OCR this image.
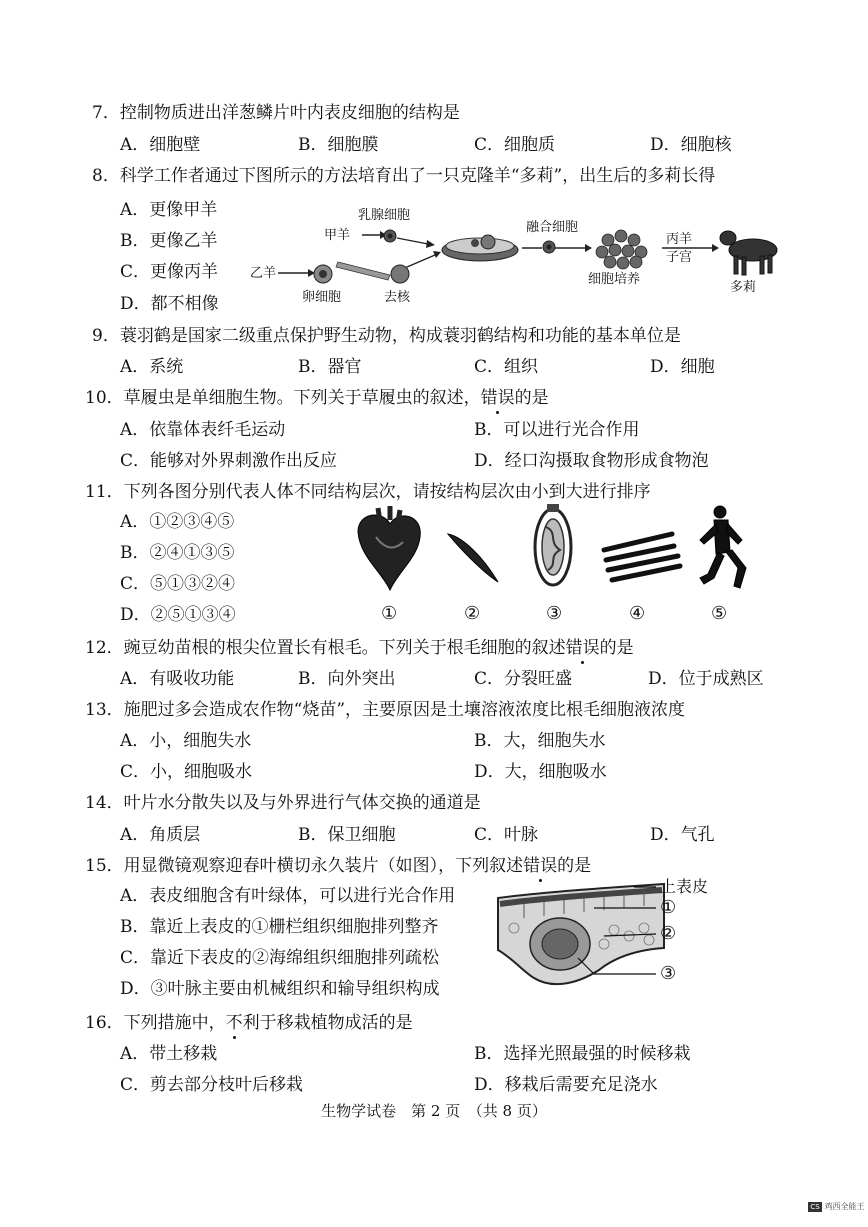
7．控制物质进出洋葱鳞片叶内表皮细胞的结构是
A．细胞壁	B．细胞膜	C．细胞质	D．细胞核
8．科学工作者通过下图所示的方法培育出了一只克隆羊“多莉”，出生后的多莉长得
A．更像甲羊
B．更像乙羊
C．更像丙羊
D．都不相像
乳腺细胞
甲羊
乙羊
卵细胞	去核
融合细胞
细胞培养
丙羊
子宫
多莉
9．蓑羽鹤是国家二级重点保护野生动物，构成蓑羽鹤结构和功能的基本单位是
A．系统	B．器官	C．组织	D．细胞
10．草履虫是单细胞生物。下列关于草履虫的叙述，错误的是
A．依靠体表纤毛运动	B．可以进行光合作用
C．能够对外界刺激作出反应	D．经口沟摄取食物形成食物泡
11．下列各图分别代表人体不同结构层次，请按结构层次由小到大进行排序
A．①②③④⑤
B．②④①③⑤
C．⑤①③②④
D．②⑤①③④	①	②	③	④	⑤
12．豌豆幼苗根的根尖位置长有根毛。下列关于根毛细胞的叙述错误的是
A．有吸收功能	B．向外突出	C．分裂旺盛	D．位于成熟区
13．施肥过多会造成农作物“烧苗”，主要原因是土壤溶液浓度比根毛细胞液浓度
A．小，细胞失水	B．大，细胞失水
C．小，细胞吸水	D．大，细胞吸水
14．叶片水分散失以及与外界进行气体交换的通道是
A．角质层	B．保卫细胞	C．叶脉	D．气孔
15．用显微镜观察迎春叶横切永久装片（如图），下列叙述错误的是
A．表皮细胞含有叶绿体，可以进行光合作用
B．靠近上表皮的①栅栏组织细胞排列整齐
C．靠近下表皮的②海绵组织细胞排列疏松
D．③叶脉主要由机械组织和输导组织构成
上表皮
①
②
③
16．下列措施中，不利于移栽植物成活的是
A．带土移栽	B．选择光照最强的时候移栽
C．剪去部分枝叶后移栽	D．移栽后需要充足浇水
生物学试卷　第 2 页　（共 8 页）
CS 鸡西全能王
